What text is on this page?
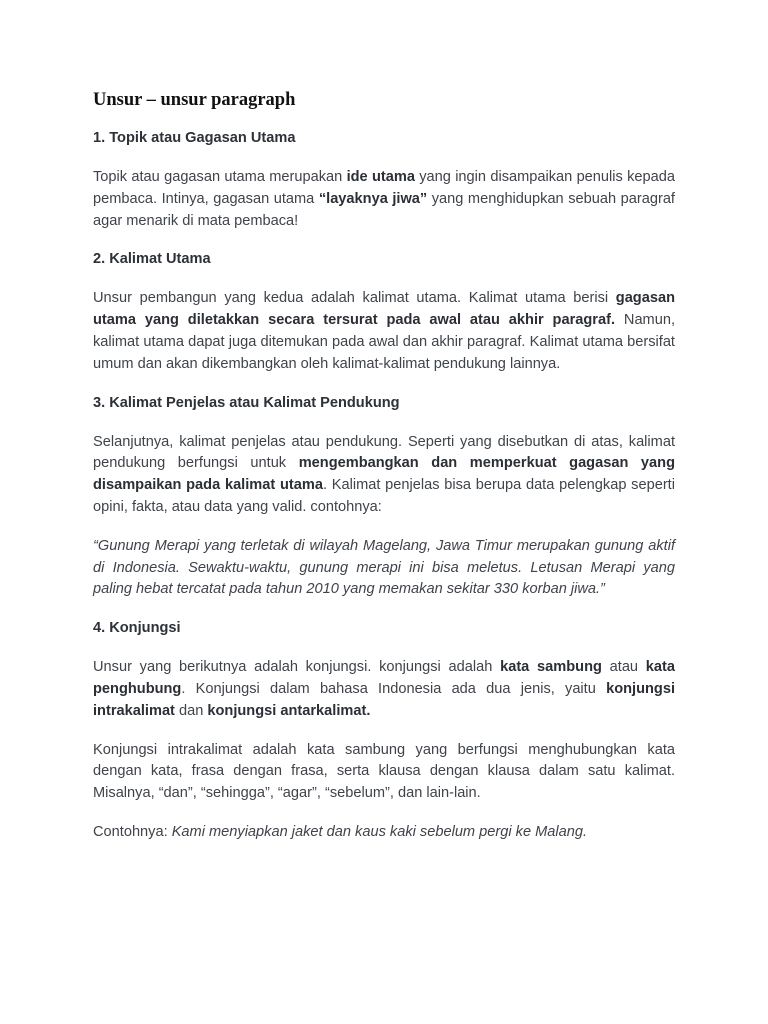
Unsur – unsur paragraph
1. Topik atau Gagasan Utama

Topik atau gagasan utama merupakan ide utama yang ingin disampaikan penulis kepada pembaca. Intinya, gagasan utama “layaknya jiwa” yang menghidupkan sebuah paragraf agar menarik di mata pembaca!

2. Kalimat Utama

Unsur pembangun yang kedua adalah kalimat utama. Kalimat utama berisi gagasan utama yang diletakkan secara tersurat pada awal atau akhir paragraf. Namun, kalimat utama dapat juga ditemukan pada awal dan akhir paragraf. Kalimat utama bersifat umum dan akan dikembangkan oleh kalimat-kalimat pendukung lainnya.

3. Kalimat Penjelas atau Kalimat Pendukung

Selanjutnya, kalimat penjelas atau pendukung. Seperti yang disebutkan di atas, kalimat pendukung berfungsi untuk mengembangkan dan memperkuat gagasan yang disampaikan pada kalimat utama. Kalimat penjelas bisa berupa data pelengkap seperti opini, fakta, atau data yang valid. contohnya:

“Gunung Merapi yang terletak di wilayah Magelang, Jawa Timur merupakan gunung aktif di Indonesia. Sewaktu-waktu, gunung merapi ini bisa meletus. Letusan Merapi yang paling hebat tercatat pada tahun 2010 yang memakan sekitar 330 korban jiwa.”

4. Konjungsi

Unsur yang berikutnya adalah konjungsi. konjungsi adalah kata sambung atau kata penghubung. Konjungsi dalam bahasa Indonesia ada dua jenis, yaitu konjungsi intrakalimat dan konjungsi antarkalimat.

Konjungsi intrakalimat adalah kata sambung yang berfungsi menghubungkan kata dengan kata, frasa dengan frasa, serta klausa dengan klausa dalam satu kalimat. Misalnya, “dan”, “sehingga”, “agar”, “sebelum”, dan lain-lain.

Contohnya: Kami menyiapkan jaket dan kaus kaki sebelum pergi ke Malang.
